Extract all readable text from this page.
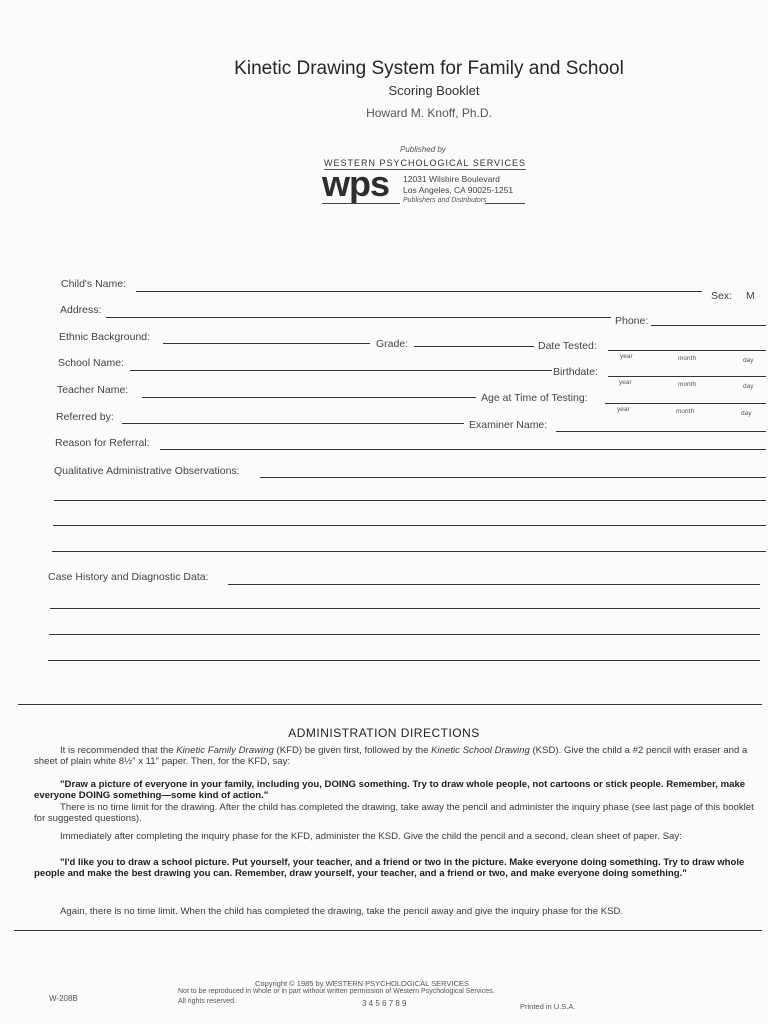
Kinetic Drawing System for Family and School
Scoring Booklet
Howard M. Knoff, Ph.D.
Published by
WESTERN PSYCHOLOGICAL SERVICES
wps 12031 Wilshire Boulevard
Los Angeles, CA 90025-1251
Publishers and Distributors
Child's Name:
Sex: M
Address:
Phone:
Ethnic Background:
Grade:	Date Tested:
year	month	day
School Name:
Birthdate:
year	month	day
Teacher Name:
Age at Time of Testing:
year	month	day
Referred by:
Examiner Name:
Reason for Referral:
Qualitative Administrative Observations:
Case History and Diagnostic Data:
ADMINISTRATION DIRECTIONS
It is recommended that the Kinetic Family Drawing (KFD) be given first, followed by the Kinetic School Drawing (KSD). Give the child a #2 pencil with eraser and a sheet of plain white 8½" x 11" paper. Then, for the KFD, say:
"Draw a picture of everyone in your family, including you, DOING something. Try to draw whole people, not cartoons or stick people. Remember, make everyone DOING something—some kind of action."
There is no time limit for the drawing. After the child has completed the drawing, take away the pencil and administer the inquiry phase (see last page of this booklet for suggested questions).
Immediately after completing the inquiry phase for the KFD, administer the KSD. Give the child the pencil and a second, clean sheet of paper. Say:
"I'd like you to draw a school picture. Put yourself, your teacher, and a friend or two in the picture. Make everyone doing something. Try to draw whole people and make the best drawing you can. Remember, draw yourself, your teacher, and a friend or two, and make everyone doing something."
Again, there is no time limit. When the child has completed the drawing, take the pencil away and give the inquiry phase for the KSD.
W-208B
Copyright © 1985 by WESTERN PSYCHOLOGICAL SERVICES
Not to be reproduced in whole or in part without written permission of Western Psychological Services.
All rights reserved.	3 4 5 6 7 8 9	Printed in U.S.A.
